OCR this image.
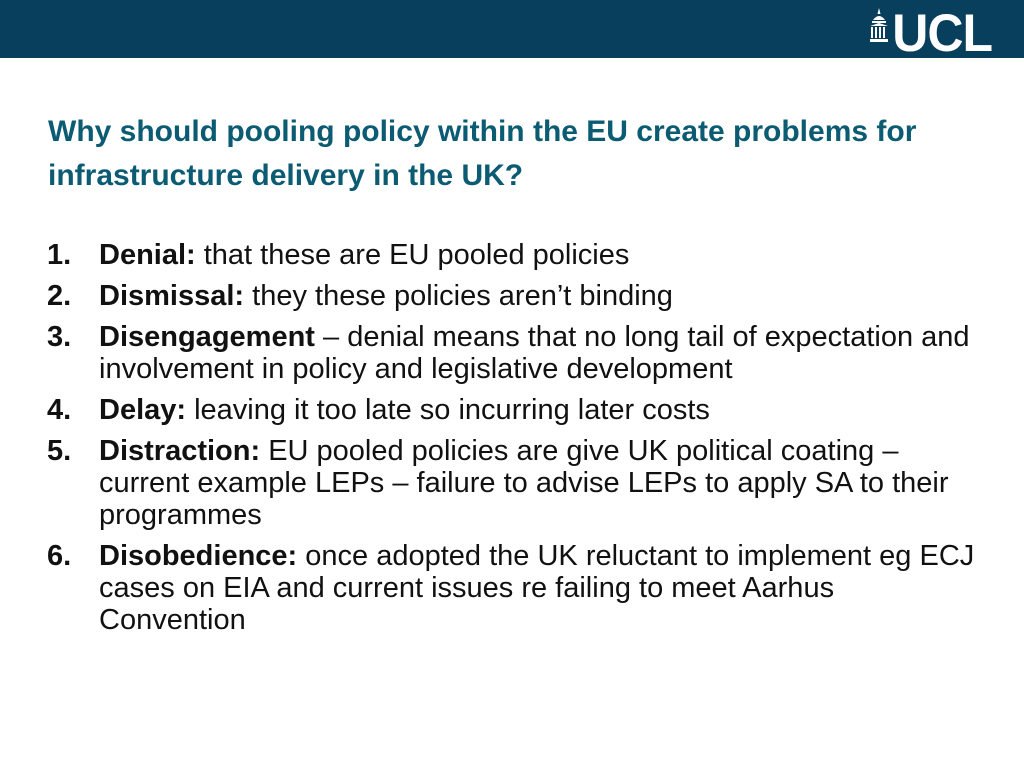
UCL
Why should pooling policy within the EU create problems for infrastructure delivery in the UK?
1. Denial: that these are EU pooled policies
2. Dismissal: they these policies aren’t binding
3. Disengagement – denial means that no long tail of expectation and involvement in policy and legislative development
4. Delay: leaving it too late so incurring later costs
5. Distraction: EU pooled policies are give UK political coating – current example LEPs – failure to advise LEPs to apply SA to their programmes
6. Disobedience: once adopted the UK reluctant to implement eg ECJ cases on EIA and current issues re failing to meet Aarhus Convention
